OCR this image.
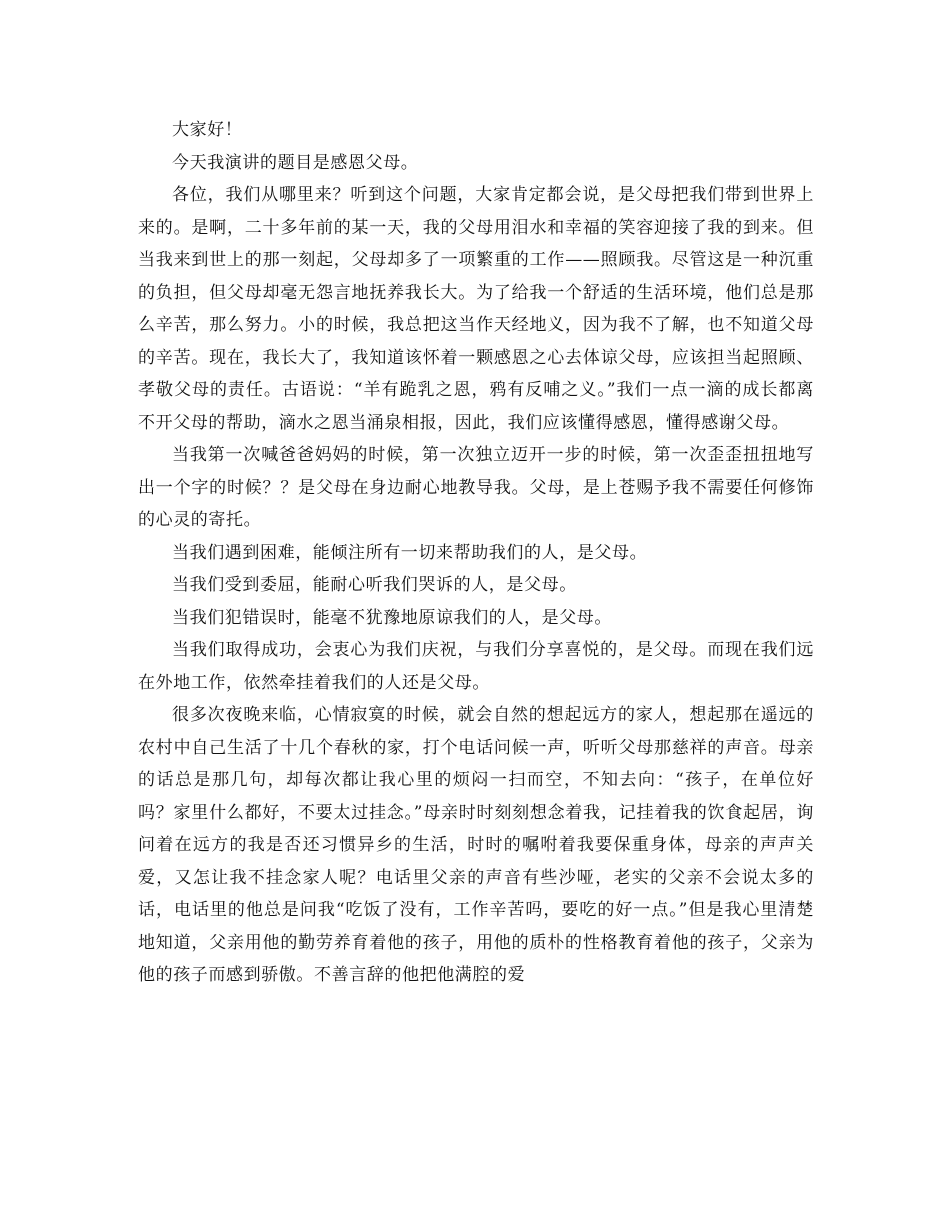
大家好！

今天我演讲的题目是感恩父母。

各位，我们从哪里来？听到这个问题，大家肯定都会说，是父母把我们带到世界上来的。是啊，二十多年前的某一天，我的父母用泪水和幸福的笑容迎接了我的到来。但当我来到世上的那一刻起，父母却多了一项繁重的工作——照顾我。尽管这是一种沉重的负担，但父母却毫无怨言地抚养我长大。为了给我一个舒适的生活环境，他们总是那么辛苦，那么努力。小的时候，我总把这当作天经地义，因为我不了解，也不知道父母的辛苦。现在，我长大了，我知道该怀着一颗感恩之心去体谅父母，应该担当起照顾、孝敬父母的责任。古语说：“羊有跪乳之恩，鸦有反哺之义。”我们一点一滴的成长都离不开父母的帮助，滴水之恩当涌泉相报，因此，我们应该懂得感恩，懂得感谢父母。

当我第一次喊爸爸妈妈的时候，第一次独立迈开一步的时候，第一次歪歪扭扭地写出一个字的时候？？是父母在身边耐心地教导我。父母，是上苍赐予我不需要任何修饰的心灵的寄托。

当我们遇到困难，能倾注所有一切来帮助我们的人，是父母。

当我们受到委屈，能耐心听我们哭诉的人，是父母。

当我们犯错误时，能毫不犹豫地原谅我们的人，是父母。

当我们取得成功，会衷心为我们庆祝，与我们分享喜悦的，是父母。而现在我们远在外地工作，依然牵挂着我们的人还是父母。

很多次夜晚来临，心情寂寞的时候，就会自然的想起远方的家人，想起那在遥远的农村中自己生活了十几个春秋的家，打个电话问候一声，听听父母那慈祥的声音。母亲的话总是那几句，却每次都让我心里的烦闷一扫而空，不知去向：“孩子，在单位好吗？家里什么都好，不要太过挂念。”母亲时时刻刻想念着我，记挂着我的饮食起居，询问着在远方的我是否还习惯异乡的生活，时时的嘱咐着我要保重身体，母亲的声声关爱，又怎让我不挂念家人呢？电话里父亲的声音有些沙哑，老实的父亲不会说太多的话，电话里的他总是问我“吃饭了没有，工作辛苦吗，要吃的好一点。”但是我心里清楚地知道，父亲用他的勤劳养育着他的孩子，用他的质朴的性格教育着他的孩子，父亲为他的孩子而感到骄傲。不善言辞的他把他满腔的爱
